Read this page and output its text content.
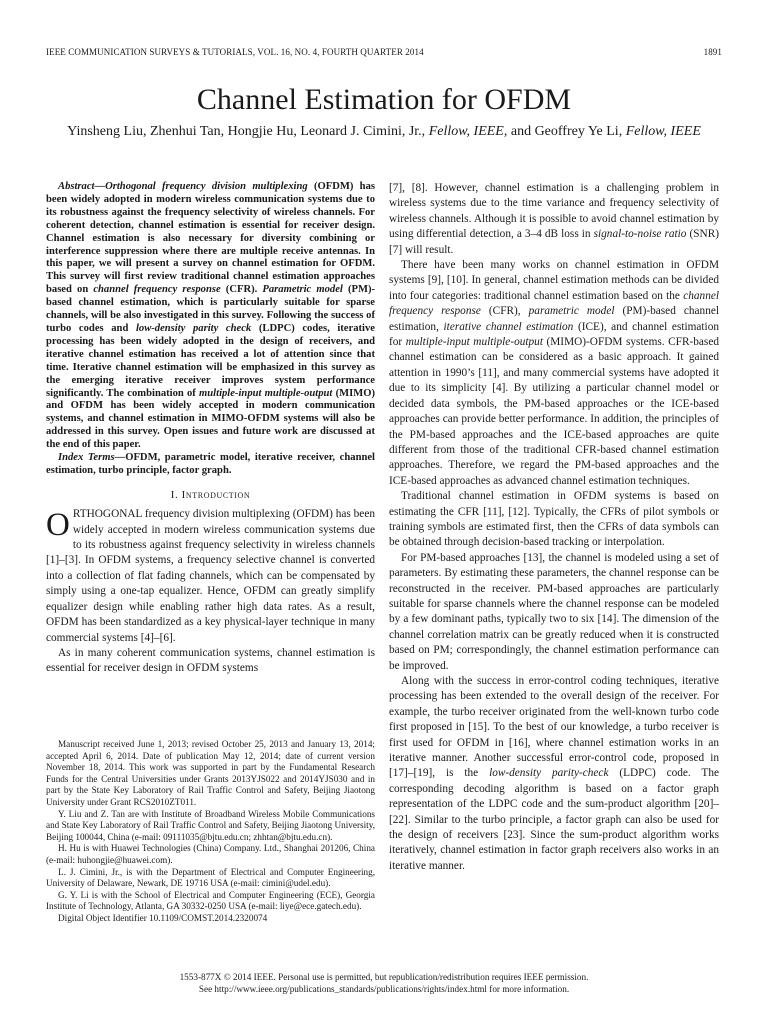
IEEE COMMUNICATION SURVEYS & TUTORIALS, VOL. 16, NO. 4, FOURTH QUARTER 2014	1891
Channel Estimation for OFDM
Yinsheng Liu, Zhenhui Tan, Hongjie Hu, Leonard J. Cimini, Jr., Fellow, IEEE, and Geoffrey Ye Li, Fellow, IEEE

Abstract—Orthogonal frequency division multiplexing (OFDM) has been widely adopted in modern wireless communication systems due to its robustness against the frequency selectivity of wireless channels. For coherent detection, channel estimation is essential for receiver design. Channel estimation is also necessary for diversity combining or interference suppression where there are multiple receive antennas. In this paper, we will present a survey on channel estimation for OFDM. This survey will first review traditional channel estimation approaches based on channel frequency response (CFR). Parametric model (PM)-based channel estimation, which is particularly suitable for sparse channels, will be also investigated in this survey. Following the success of turbo codes and low-density parity check (LDPC) codes, iterative processing has been widely adopted in the design of receivers, and iterative channel estimation has received a lot of attention since that time. Iterative channel estimation will be emphasized in this survey as the emerging iterative receiver improves system performance significantly. The combination of multiple-input multiple-output (MIMO) and OFDM has been widely accepted in modern communication systems, and channel estimation in MIMO-OFDM systems will also be addressed in this survey. Open issues and future work are discussed at the end of this paper.

Index Terms—OFDM, parametric model, iterative receiver, channel estimation, turbo principle, factor graph.

I. Introduction

ORTHOGONAL frequency division multiplexing (OFDM) has been widely accepted in modern wireless communication systems due to its robustness against frequency selectivity in wireless channels [1]–[3]. In OFDM systems, a frequency selective channel is converted into a collection of flat fading channels, which can be compensated by simply using a one-tap equalizer. Hence, OFDM can greatly simplify equalizer design while enabling rather high data rates. As a result, OFDM has been standardized as a key physical-layer technique in many commercial systems [4]–[6].

As in many coherent communication systems, channel estimation is essential for receiver design in OFDM systems

Manuscript received June 1, 2013; revised October 25, 2013 and January 13, 2014; accepted April 6, 2014. Date of publication May 12, 2014; date of current version November 18, 2014. This work was supported in part by the Fundamental Research Funds for the Central Universities under Grants 2013YJS022 and 2014YJS030 and in part by the State Key Laboratory of Rail Traffic Control and Safety, Beijing Jiaotong University under Grant RCS2010ZT011.

Y. Liu and Z. Tan are with Institute of Broadband Wireless Mobile Communications and State Key Laboratory of Rail Traffic Control and Safety, Beijing Jiaotong University, Beijing 100044, China (e-mail: 09111035@bjtu.edu.cn; zhhtan@bjtu.edu.cn).

H. Hu is with Huawei Technologies (China) Company. Ltd., Shanghai 201206, China (e-mail: huhongjie@huawei.com).

L. J. Cimini, Jr., is with the Department of Electrical and Computer Engineering, University of Delaware, Newark, DE 19716 USA (e-mail: cimini@udel.edu).

G. Y. Li is with the School of Electrical and Computer Engineering (ECE), Georgia Institute of Technology, Atlanta, GA 30332-0250 USA (e-mail: liye@ece.gatech.edu).

Digital Object Identifier 10.1109/COMST.2014.2320074

[7], [8]. However, channel estimation is a challenging problem in wireless systems due to the time variance and frequency selectivity of wireless channels. Although it is possible to avoid channel estimation by using differential detection, a 3–4 dB loss in signal-to-noise ratio (SNR) [7] will result.

There have been many works on channel estimation in OFDM systems [9], [10]. In general, channel estimation methods can be divided into four categories: traditional channel estimation based on the channel frequency response (CFR), parametric model (PM)-based channel estimation, iterative channel estimation (ICE), and channel estimation for multiple-input multiple-output (MIMO)-OFDM systems. CFR-based channel estimation can be considered as a basic approach. It gained attention in 1990’s [11], and many commercial systems have adopted it due to its simplicity [4]. By utilizing a particular channel model or decided data symbols, the PM-based approaches or the ICE-based approaches can provide better performance. In addition, the principles of the PM-based approaches and the ICE-based approaches are quite different from those of the traditional CFR-based channel estimation approaches. Therefore, we regard the PM-based approaches and the ICE-based approaches as advanced channel estimation techniques.

Traditional channel estimation in OFDM systems is based on estimating the CFR [11], [12]. Typically, the CFRs of pilot symbols or training symbols are estimated first, then the CFRs of data symbols can be obtained through decision-based tracking or interpolation.

For PM-based approaches [13], the channel is modeled using a set of parameters. By estimating these parameters, the channel response can be reconstructed in the receiver. PM-based approaches are particularly suitable for sparse channels where the channel response can be modeled by a few dominant paths, typically two to six [14]. The dimension of the channel correlation matrix can be greatly reduced when it is constructed based on PM; correspondingly, the channel estimation performance can be improved.

Along with the success in error-control coding techniques, iterative processing has been extended to the overall design of the receiver. For example, the turbo receiver originated from the well-known turbo code first proposed in [15]. To the best of our knowledge, a turbo receiver is first used for OFDM in [16], where channel estimation works in an iterative manner. Another successful error-control code, proposed in [17]–[19], is the low-density parity-check (LDPC) code. The corresponding decoding algorithm is based on a factor graph representation of the LDPC code and the sum-product algorithm [20]–[22]. Similar to the turbo principle, a factor graph can also be used for the design of receivers [23]. Since the sum-product algorithm works iteratively, channel estimation in factor graph receivers also works in an iterative manner.

1553-877X © 2014 IEEE. Personal use is permitted, but republication/redistribution requires IEEE permission.
See http://www.ieee.org/publications_standards/publications/rights/index.html for more information.
